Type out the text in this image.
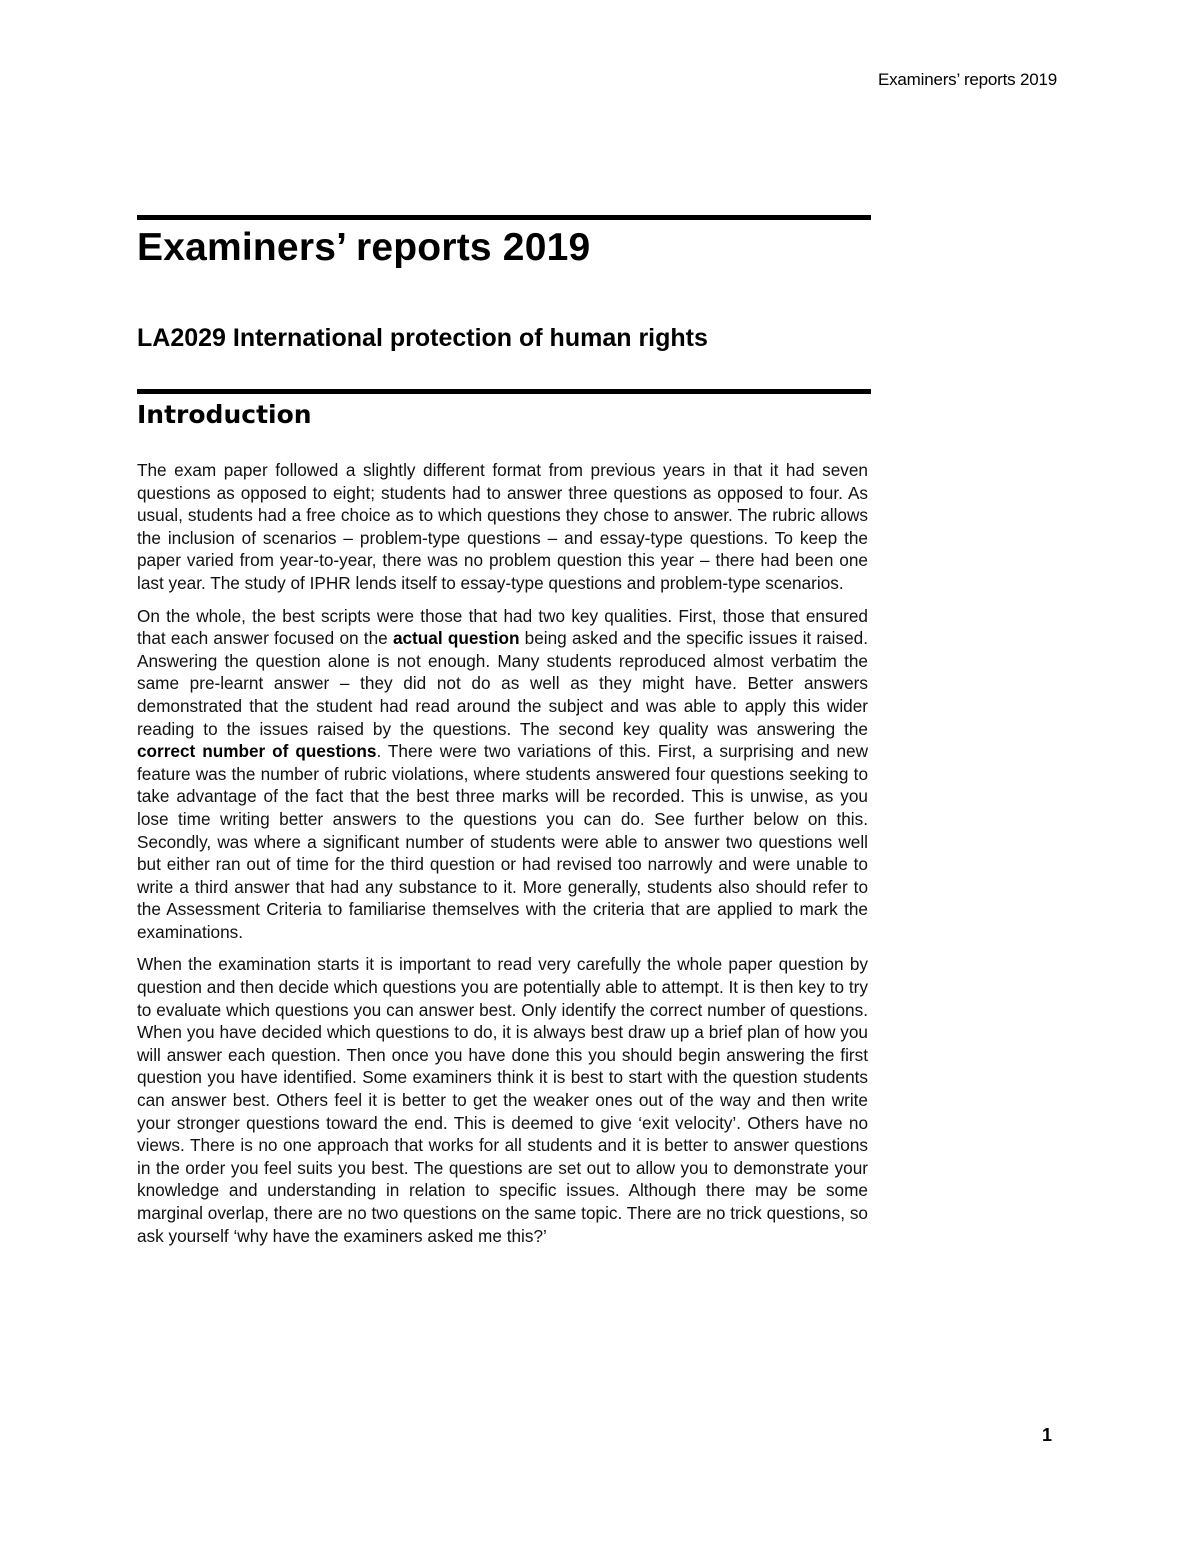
Examiners’ reports 2019
Examiners’ reports 2019
LA2029 International protection of human rights
Introduction

The exam paper followed a slightly different format from previous years in that it had seven questions as opposed to eight; students had to answer three questions as opposed to four. As usual, students had a free choice as to which questions they chose to answer. The rubric allows the inclusion of scenarios – problem-type questions – and essay-type questions. To keep the paper varied from year-to-year, there was no problem question this year – there had been one last year. The study of IPHR lends itself to essay-type questions and problem-type scenarios.

On the whole, the best scripts were those that had two key qualities. First, those that ensured that each answer focused on the actual question being asked and the specific issues it raised. Answering the question alone is not enough. Many students reproduced almost verbatim the same pre-learnt answer – they did not do as well as they might have. Better answers demonstrated that the student had read around the subject and was able to apply this wider reading to the issues raised by the questions. The second key quality was answering the correct number of questions. There were two variations of this. First, a surprising and new feature was the number of rubric violations, where students answered four questions seeking to take advantage of the fact that the best three marks will be recorded. This is unwise, as you lose time writing better answers to the questions you can do. See further below on this. Secondly, was where a significant number of students were able to answer two questions well but either ran out of time for the third question or had revised too narrowly and were unable to write a third answer that had any substance to it. More generally, students also should refer to the Assessment Criteria to familiarise themselves with the criteria that are applied to mark the examinations.

When the examination starts it is important to read very carefully the whole paper question by question and then decide which questions you are potentially able to attempt. It is then key to try to evaluate which questions you can answer best. Only identify the correct number of questions. When you have decided which questions to do, it is always best draw up a brief plan of how you will answer each question. Then once you have done this you should begin answering the first question you have identified. Some examiners think it is best to start with the question students can answer best. Others feel it is better to get the weaker ones out of the way and then write your stronger questions toward the end. This is deemed to give ‘exit velocity’. Others have no views. There is no one approach that works for all students and it is better to answer questions in the order you feel suits you best. The questions are set out to allow you to demonstrate your knowledge and understanding in relation to specific issues. Although there may be some marginal overlap, there are no two questions on the same topic. There are no trick questions, so ask yourself ‘why have the examiners asked me this?’

1
